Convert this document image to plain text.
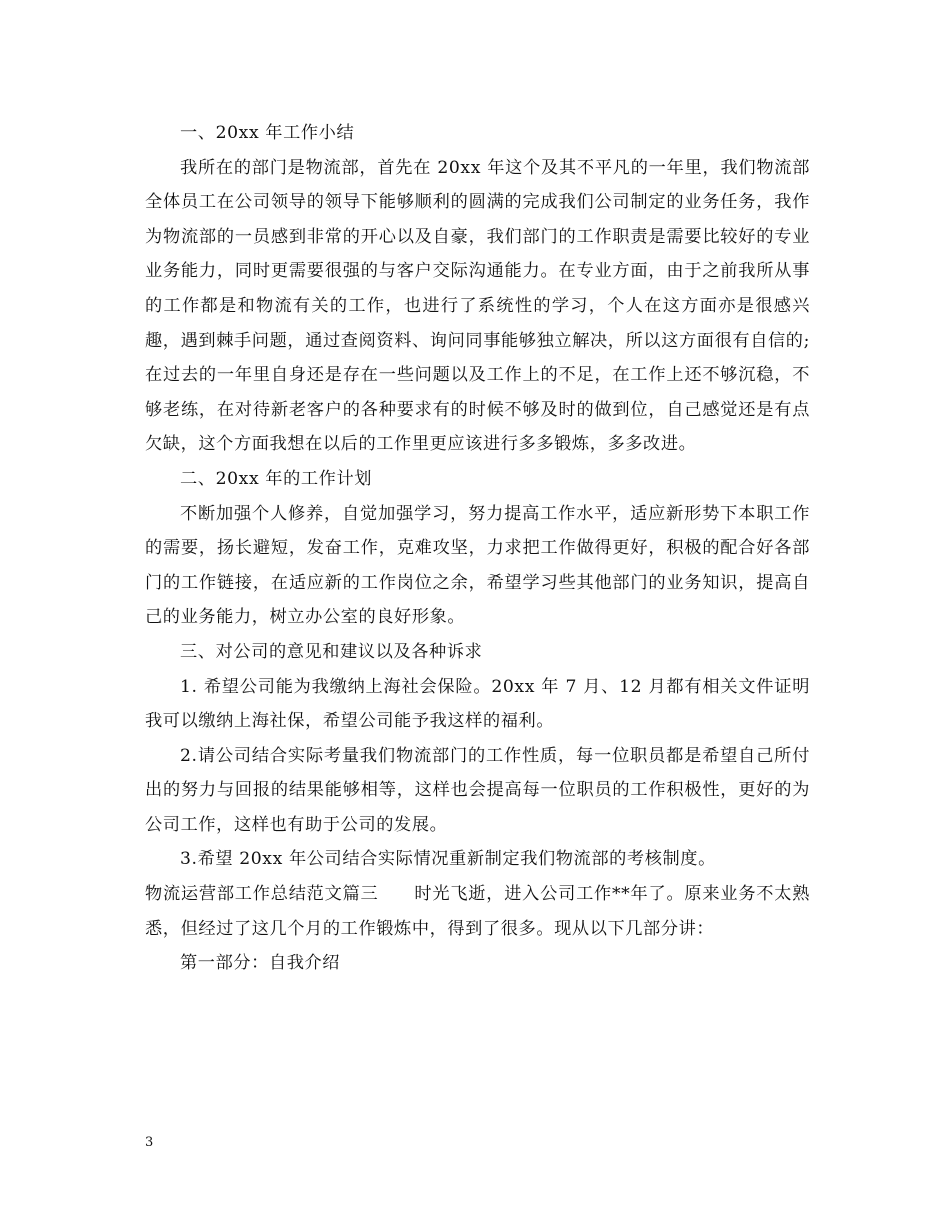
一、20xx 年工作小结

我所在的部门是物流部，首先在 20xx 年这个及其不平凡的一年里，我们物流部全体员工在公司领导的领导下能够顺利的圆满的完成我们公司制定的业务任务，我作为物流部的一员感到非常的开心以及自豪，我们部门的工作职责是需要比较好的专业业务能力，同时更需要很强的与客户交际沟通能力。在专业方面，由于之前我所从事的工作都是和物流有关的工作，也进行了系统性的学习，个人在这方面亦是很感兴趣，遇到棘手问题，通过查阅资料、询问同事能够独立解决，所以这方面很有自信的;在过去的一年里自身还是存在一些问题以及工作上的不足，在工作上还不够沉稳，不够老练，在对待新老客户的各种要求有的时候不够及时的做到位，自己感觉还是有点欠缺，这个方面我想在以后的工作里更应该进行多多锻炼，多多改进。

二、20xx 年的工作计划

不断加强个人修养，自觉加强学习，努力提高工作水平，适应新形势下本职工作的需要，扬长避短，发奋工作，克难攻坚，力求把工作做得更好，积极的配合好各部门的工作链接，在适应新的工作岗位之余，希望学习些其他部门的业务知识，提高自己的业务能力，树立办公室的良好形象。

三、对公司的意见和建议以及各种诉求

1. 希望公司能为我缴纳上海社会保险。20xx 年 7 月、12 月都有相关文件证明我可以缴纳上海社保，希望公司能予我这样的福利。

2.请公司结合实际考量我们物流部门的工作性质，每一位职员都是希望自己所付出的努力与回报的结果能够相等，这样也会提高每一位职员的工作积极性，更好的为公司工作，这样也有助于公司的发展。

3.希望 20xx 年公司结合实际情况重新制定我们物流部的考核制度。

物流运营部工作总结范文篇三　　时光飞逝，进入公司工作**年了。原来业务不太熟悉，但经过了这几个月的工作锻炼中，得到了很多。现从以下几部分讲：

第一部分：自我介绍

3
